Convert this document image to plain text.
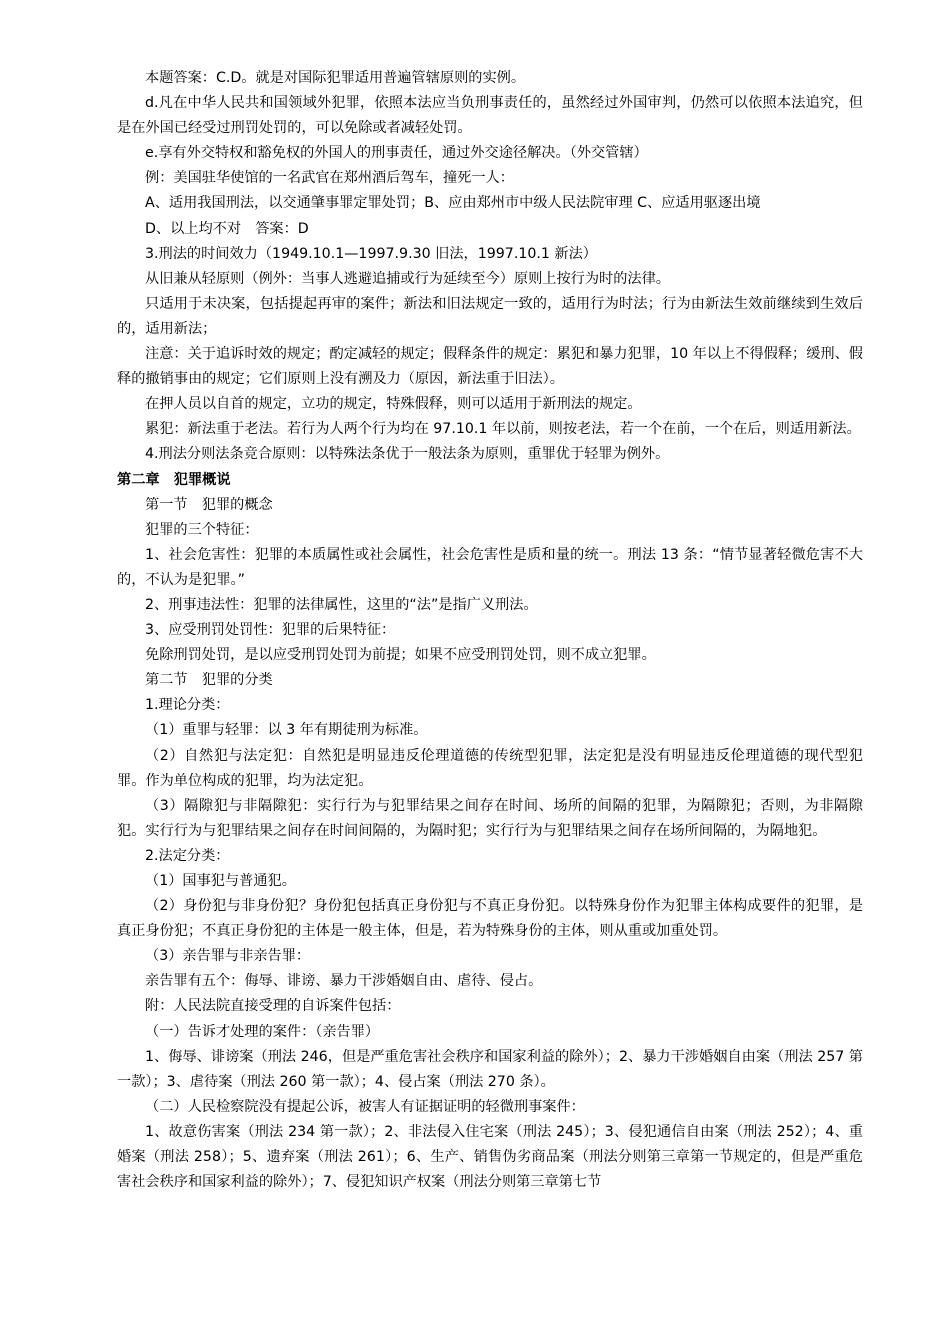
本题答案：C.D。就是对国际犯罪适用普遍管辖原则的实例。

d.凡在中华人民共和国领域外犯罪，依照本法应当负刑事责任的，虽然经过外国审判，仍然可以依照本法追究，但是在外国已经受过刑罚处罚的，可以免除或者减轻处罚。

e.享有外交特权和豁免权的外国人的刑事责任，通过外交途径解决。（外交管辖）

例：美国驻华使馆的一名武官在郑州酒后驾车，撞死一人：

A、适用我国刑法，以交通肇事罪定罪处罚；B、应由郑州市中级人民法院审理 C、应适用驱逐出境

D、以上均不对　答案：D

3.刑法的时间效力（1949.10.1—1997.9.30 旧法，1997.10.1 新法）

从旧兼从轻原则（例外：当事人逃避追捕或行为延续至今）原则上按行为时的法律。

只适用于未决案，包括提起再审的案件；新法和旧法规定一致的，适用行为时法；行为由新法生效前继续到生效后的，适用新法；

注意：关于追诉时效的规定；酌定减轻的规定；假释条件的规定：累犯和暴力犯罪，10 年以上不得假释；缓刑、假释的撤销事由的规定；它们原则上没有溯及力（原因，新法重于旧法）。

在押人员以自首的规定，立功的规定，特殊假释，则可以适用于新刑法的规定。

累犯：新法重于老法。若行为人两个行为均在 97.10.1 年以前，则按老法，若一个在前，一个在后，则适用新法。

4.刑法分则法条竞合原则：以特殊法条优于一般法条为原则，重罪优于轻罪为例外。

第二章　犯罪概说

第一节　犯罪的概念

犯罪的三个特征：

1、社会危害性：犯罪的本质属性或社会属性，社会危害性是质和量的统一。刑法 13 条：“情节显著轻微危害不大的，不认为是犯罪。”

2、刑事违法性：犯罪的法律属性，这里的“法”是指广义刑法。

3、应受刑罚处罚性：犯罪的后果特征：

免除刑罚处罚，是以应受刑罚处罚为前提；如果不应受刑罚处罚，则不成立犯罪。

第二节　犯罪的分类

1.理论分类：

（1）重罪与轻罪：以 3 年有期徒刑为标准。

（2）自然犯与法定犯：自然犯是明显违反伦理道德的传统型犯罪，法定犯是没有明显违反伦理道德的现代型犯罪。作为单位构成的犯罪，均为法定犯。

（3）隔隙犯与非隔隙犯：实行行为与犯罪结果之间存在时间、场所的间隔的犯罪，为隔隙犯；否则，为非隔隙犯。实行行为与犯罪结果之间存在时间间隔的，为隔时犯；实行行为与犯罪结果之间存在场所间隔的，为隔地犯。

2.法定分类：

（1）国事犯与普通犯。

（2）身份犯与非身份犯？身份犯包括真正身份犯与不真正身份犯。以特殊身份作为犯罪主体构成要件的犯罪，是真正身份犯；不真正身份犯的主体是一般主体，但是，若为特殊身份的主体，则从重或加重处罚。

（3）亲告罪与非亲告罪：

亲告罪有五个：侮辱、诽谤、暴力干涉婚姻自由、虐待、侵占。

附：人民法院直接受理的自诉案件包括：

（一）告诉才处理的案件：（亲告罪）

1、侮辱、诽谤案（刑法 246，但是严重危害社会秩序和国家利益的除外）；2、暴力干涉婚姻自由案（刑法 257 第一款）；3、虐待案（刑法 260 第一款）；4、侵占案（刑法 270 条）。

（二）人民检察院没有提起公诉，被害人有证据证明的轻微刑事案件：

1、故意伤害案（刑法 234 第一款）；2、非法侵入住宅案（刑法 245）；3、侵犯通信自由案（刑法 252）；4、重婚案（刑法 258）；5、遗弃案（刑法 261）；6、生产、销售伪劣商品案（刑法分则第三章第一节规定的，但是严重危害社会秩序和国家利益的除外）；7、侵犯知识产权案（刑法分则第三章第七节
